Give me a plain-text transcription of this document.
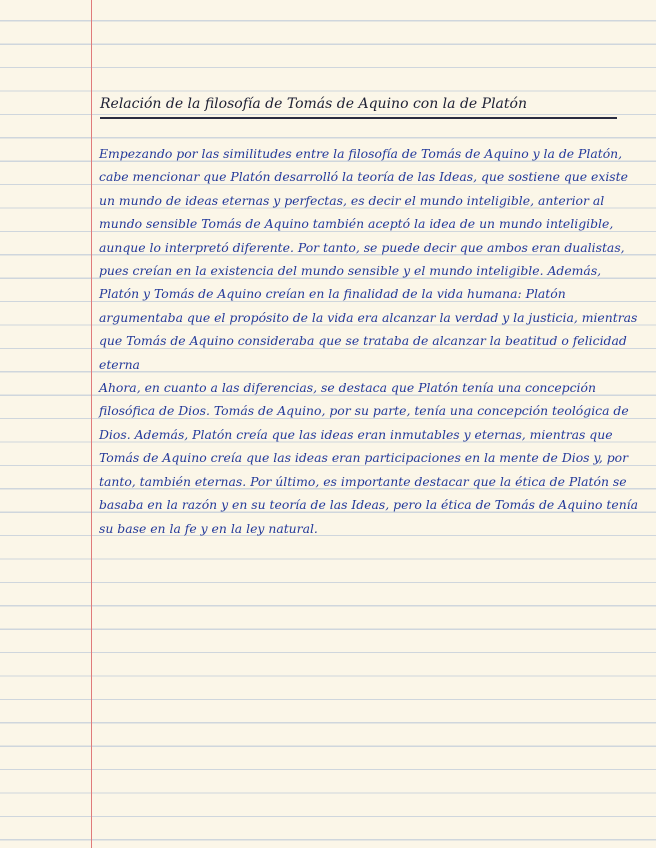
Relación de la filosofía de Tomás de Aquino con la de Platón

Empezando por las similitudes entre la filosofía de Tomás de Aquino y la de Platón, cabe mencionar que Platón desarrolló la teoría de las Ideas, que sostiene que existe un mundo de ideas eternas y perfectas, es decir el mundo inteligible, anterior al mundo sensible Tomás de Aquino también aceptó la idea de un mundo inteligible, aunque lo interpretó diferente. Por tanto, se puede decir que ambos eran dualistas, pues creían en la existencia del mundo sensible y el mundo inteligible. Además, Platón y Tomás de Aquino creían en la finalidad de la vida humana: Platón argumentaba que el propósito de la vida era alcanzar la verdad y la justicia, mientras que Tomás de Aquino consideraba que se trataba de alcanzar la beatitud o felicidad eterna

Ahora, en cuanto a las diferencias, se destaca que Platón tenía una concepción filosófica de Dios. Tomás de Aquino, por su parte, tenía una concepción teológica de Dios. Además, Platón creía que las ideas eran inmutables y eternas, mientras que Tomás de Aquino creía que las ideas eran participaciones en la mente de Dios y, por tanto, también eternas. Por último, es importante destacar que la ética de Platón se basaba en la razón y en su teoría de las Ideas, pero la ética de Tomás de Aquino tenía su base en la fe y en la ley natural.
